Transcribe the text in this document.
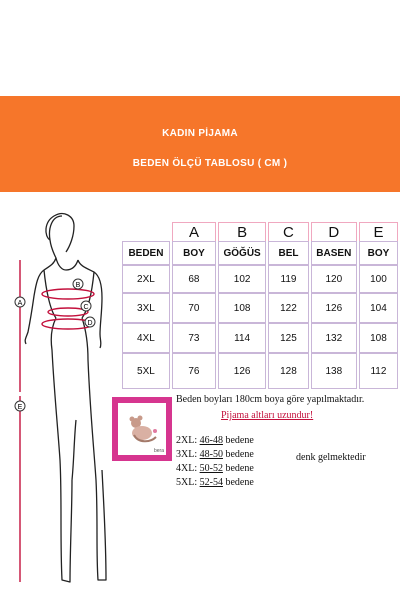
KADIN PİJAMA
BEDEN ÖLÇÜ TABLOSU ( CM )
A
B
C
D
E
	A	B	C	D	E
BEDEN	BOY	GÖĞÜS	BEL	BASEN	BOY
2XL	68	102	119	120	100
3XL	70	108	122	126	104
4XL	73	114	125	132	108
5XL	76	126	128	138	112
bera
Beden boyları 180cm boya göre yapılmaktadır.
Pijama altları uzundur!
2XL: 46-48 bedene
3XL: 48-50 bedene
4XL: 50-52 bedene
5XL: 52-54 bedene
denk gelmektedir
